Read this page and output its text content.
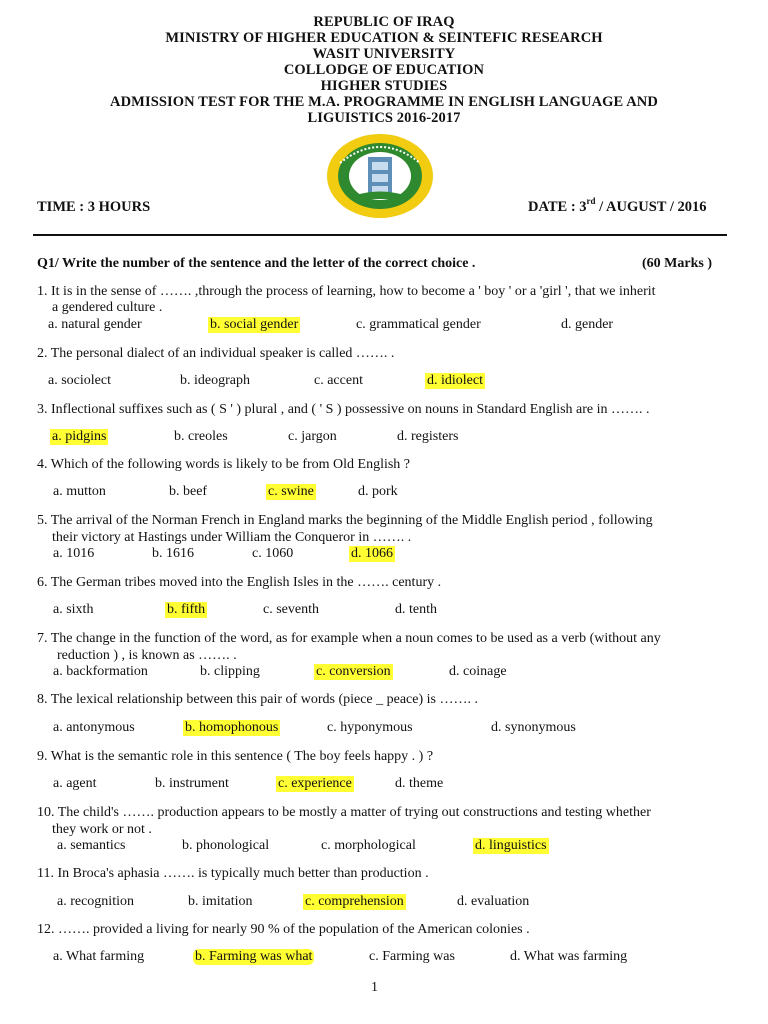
REPUBLIC OF IRAQ
MINISTRY OF HIGHER EDUCATION & SEINTEFIC RESEARCH
WASIT UNIVERSITY
COLLODGE OF EDUCATION
HIGHER STUDIES
ADMISSION TEST FOR THE M.A. PROGRAMME IN ENGLISH LANGUAGE AND
LIGUISTICS 2016-2017
TIME : 3 HOURS	DATE : 3rd / AUGUST / 2016
Q1/ Write the number of the sentence and the letter of the correct choice .	(60 Marks )
1. It is in the sense of ……. ,through the process of learning, how to become a ' boy ' or a 'girl ', that we inherit
a gendered culture .
a. natural gender	b. social gender	c. grammatical gender	d. gender
2. The personal dialect of an individual speaker is called ……. .
a. sociolect	b. ideograph	c. accent	d. idiolect
3. Inflectional suffixes such as ( S ' ) plural , and ( ' S ) possessive on nouns in Standard English are in ……. .
a. pidgins	b. creoles	c. jargon	d. registers
4. Which of the following words is likely to be from Old English ?
a. mutton	b. beef	c. swine	d. pork
5. The arrival of the Norman French in England marks the beginning of the Middle English period , following
their victory at Hastings under William the Conqueror in ……. .
a. 1016	b. 1616	c. 1060	d. 1066
6. The German tribes moved into the English Isles in the ……. century .
a. sixth	b. fifth	c. seventh	d. tenth
7. The change in the function of the word, as for example when a noun comes to be used as a verb (without any
reduction ) , is known as ……. .
a. backformation	b. clipping	c. conversion	d. coinage
8. The lexical relationship between this pair of words (piece _ peace) is ……. .
a. antonymous	b. homophonous	c. hyponymous	d. synonymous
9. What is the semantic role in this sentence ( The boy feels happy . ) ?
a. agent	b. instrument	c. experience	d. theme
10. The child's ……. production appears to be mostly a matter of trying out constructions and testing whether
they work or not .
a. semantics	b. phonological	c. morphological	d. linguistics
11. In Broca's aphasia ……. is typically much better than production .
a. recognition	b. imitation	c. comprehension	d. evaluation
12. ……. provided a living for nearly 90 % of the population of the American colonies .
a. What farming	b. Farming was what	c. Farming was	d. What was farming
1
